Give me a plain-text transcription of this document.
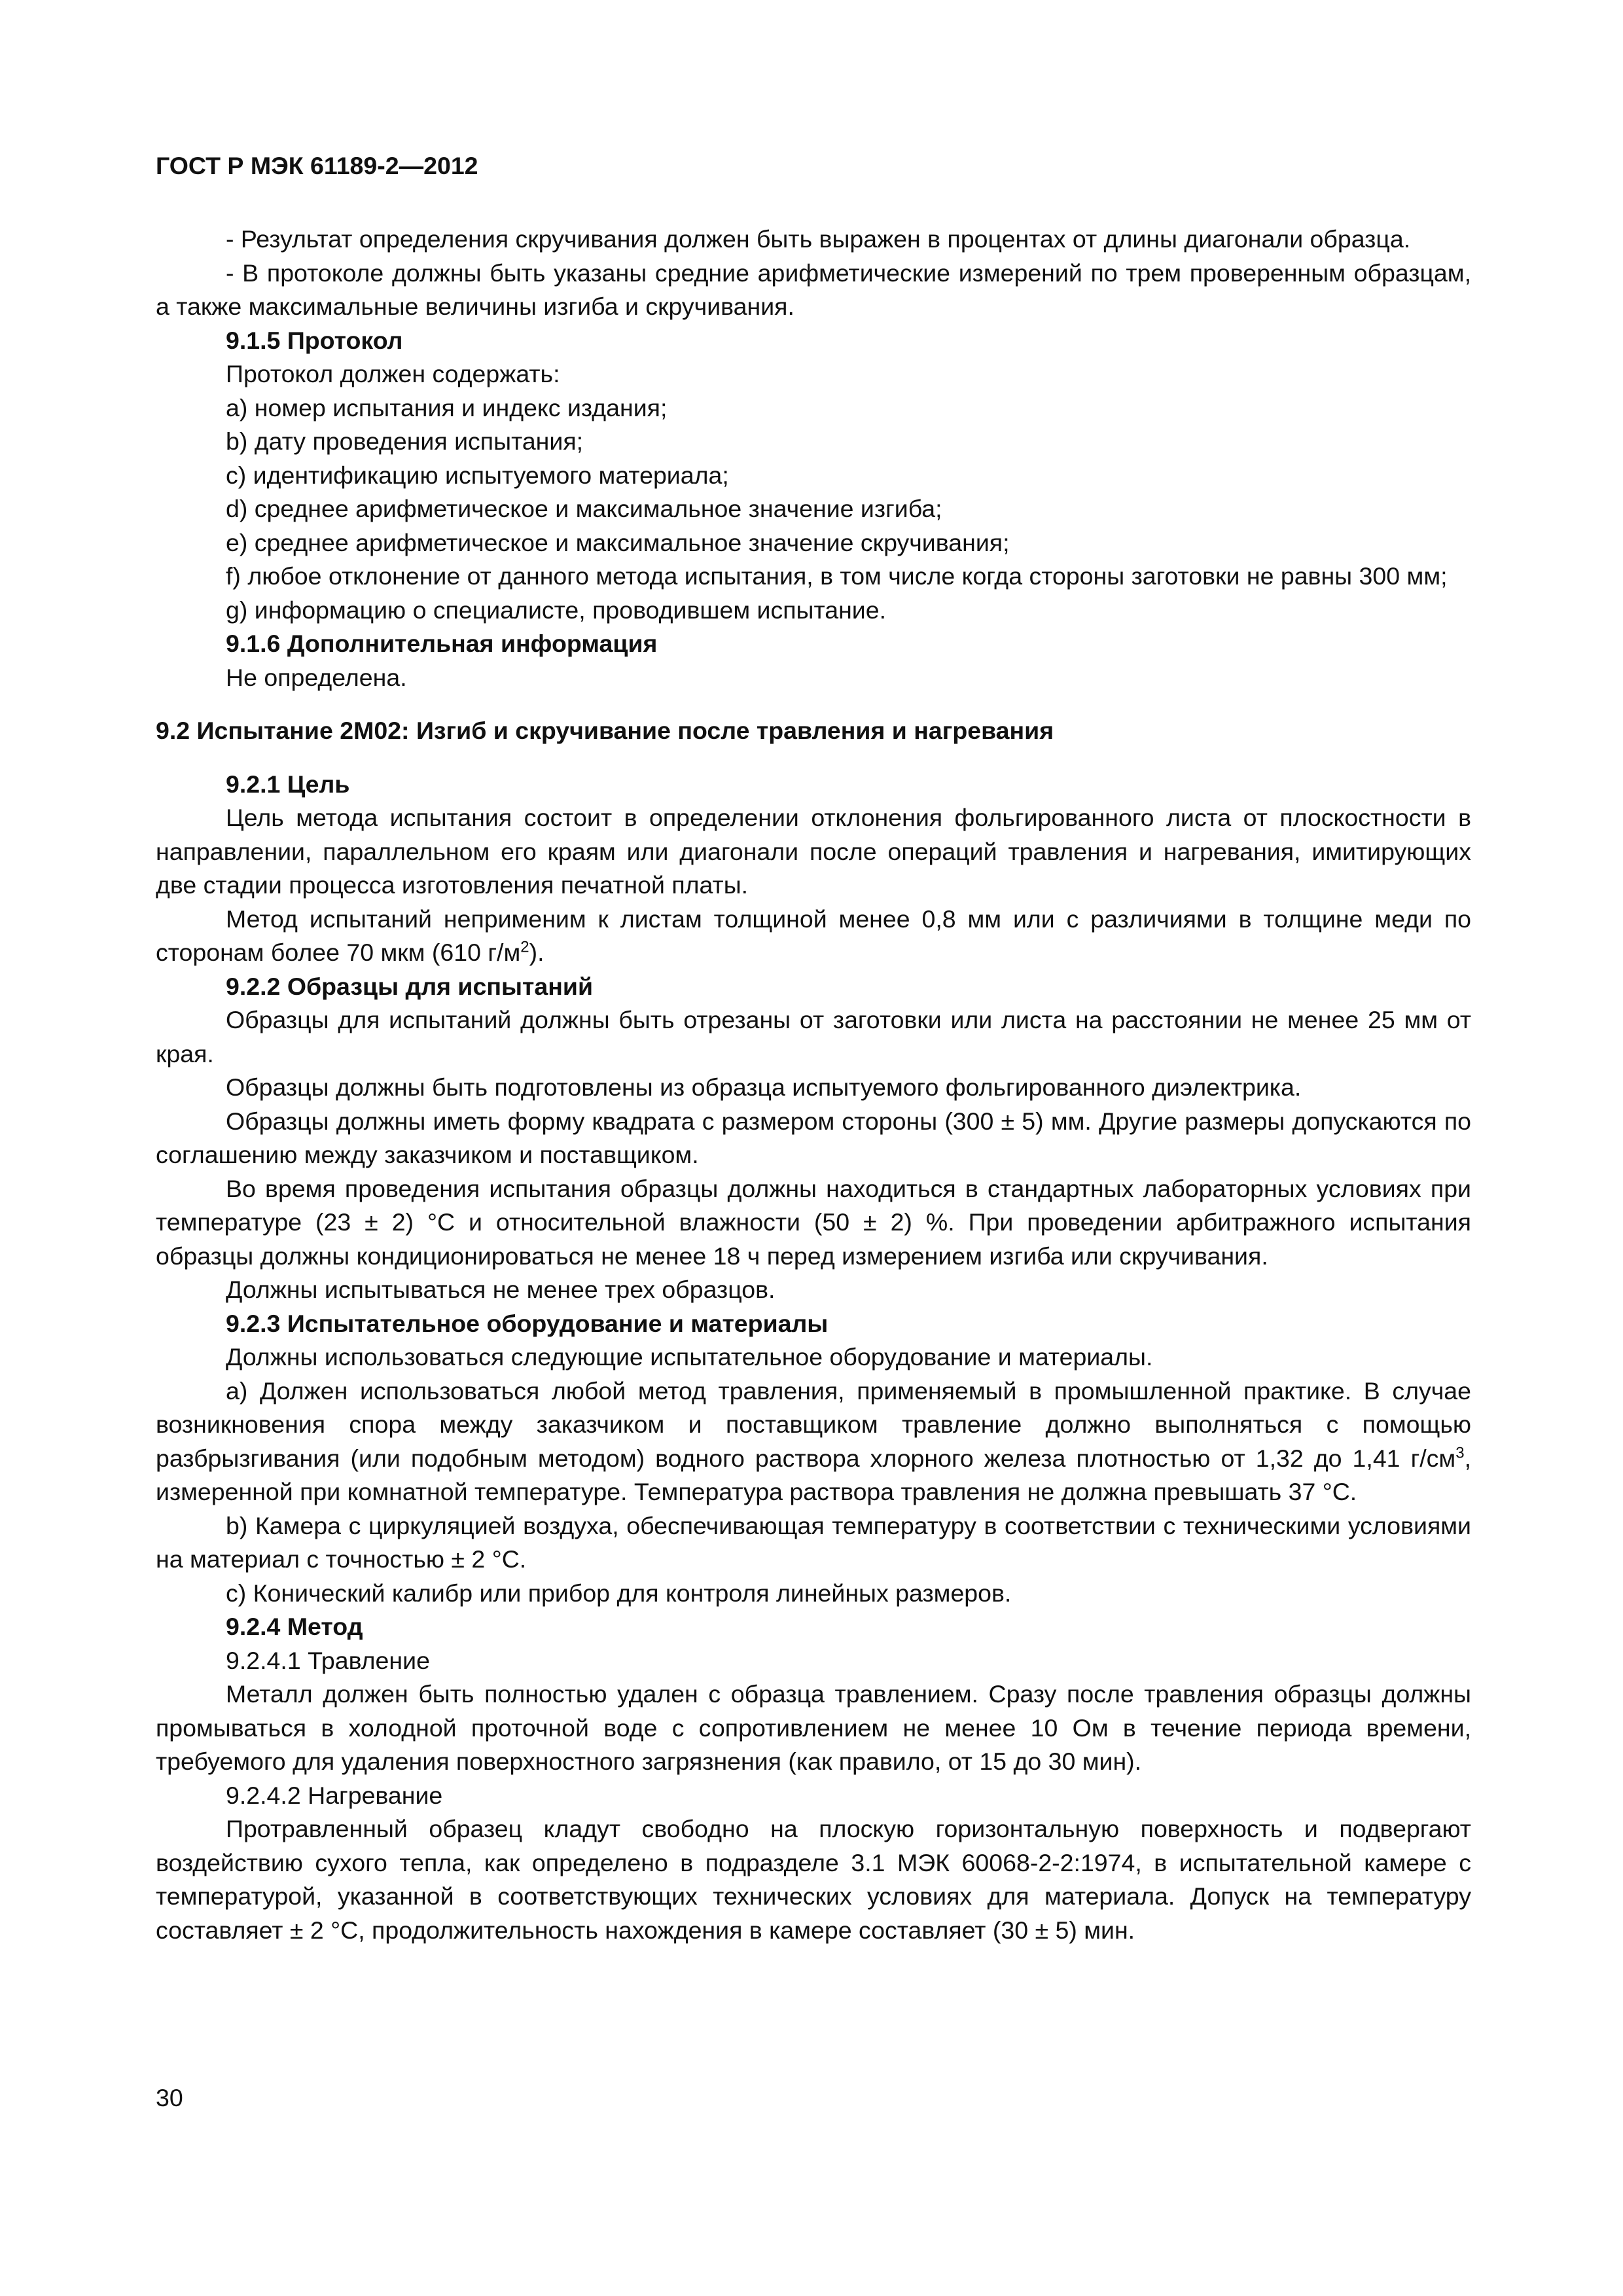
ГОСТ Р МЭК 61189-2—2012

- Результат определения скручивания должен быть выражен в процентах от длины диагонали образца.

- В протоколе должны быть указаны средние арифметические измерений по трем проверенным образцам, а также максимальные величины изгиба и скручивания.

9.1.5 Протокол

Протокол должен содержать:

a) номер испытания и индекс издания;

b) дату проведения испытания;

c) идентификацию испытуемого материала;

d) среднее арифметическое и максимальное значение изгиба;

e) среднее арифметическое и максимальное значение скручивания;

f) любое отклонение от данного метода испытания, в том числе когда стороны заготовки не равны 300 мм;

g) информацию о специалисте, проводившем испытание.

9.1.6 Дополнительная информация

Не определена.

9.2 Испытание 2М02: Изгиб и скручивание после травления и нагревания

9.2.1 Цель

Цель метода испытания состоит в определении отклонения фольгированного листа от плоскостности в направлении, параллельном его краям или диагонали после операций травления и нагревания, имитирующих две стадии процесса изготовления печатной платы.

Метод испытаний неприменим к листам толщиной менее 0,8 мм или с различиями в толщине меди по сторонам более 70 мкм (610 $г/м^2$).

9.2.2 Образцы для испытаний

Образцы для испытаний должны быть отрезаны от заготовки или листа на расстоянии не менее 25 мм от края.

Образцы должны быть подготовлены из образца испытуемого фольгированного диэлектрика.

Образцы должны иметь форму квадрата с размером стороны (300 ± 5) мм. Другие размеры допускаются по соглашению между заказчиком и поставщиком.

Во время проведения испытания образцы должны находиться в стандартных лабораторных условиях при температуре (23 ± 2) °С и относительной влажности (50 ± 2) %. При проведении арбитражного испытания образцы должны кондиционироваться не менее 18 ч перед измерением изгиба или скручивания.

Должны испытываться не менее трех образцов.

9.2.3 Испытательное оборудование и материалы

Должны использоваться следующие испытательное оборудование и материалы.

a) Должен использоваться любой метод травления, применяемый в промышленной практике. В случае возникновения спора между заказчиком и поставщиком травление должно выполняться с помощью разбрызгивания (или подобным методом) водного раствора хлорного железа плотностью от 1,32 до 1,41 $г/см^3$, измеренной при комнатной температуре. Температура раствора травления не должна превышать 37 °С.

b) Камера с циркуляцией воздуха, обеспечивающая температуру в соответствии с техническими условиями на материал с точностью ± 2 °С.

c) Конический калибр или прибор для контроля линейных размеров.

9.2.4 Метод

9.2.4.1 Травление

Металл должен быть полностью удален с образца травлением. Сразу после травления образцы должны промываться в холодной проточной воде с сопротивлением не менее 10 Ом в течение периода времени, требуемого для удаления поверхностного загрязнения (как правило, от 15 до 30 мин).

9.2.4.2 Нагревание

Протравленный образец кладут свободно на плоскую горизонтальную поверхность и подвергают воздействию сухого тепла, как определено в подразделе 3.1 МЭК 60068-2-2:1974, в испытательной камере с температурой, указанной в соответствующих технических условиях для материала. Допуск на температуру составляет ± 2 °С, продолжительность нахождения в камере составляет (30 ± 5) мин.

30
